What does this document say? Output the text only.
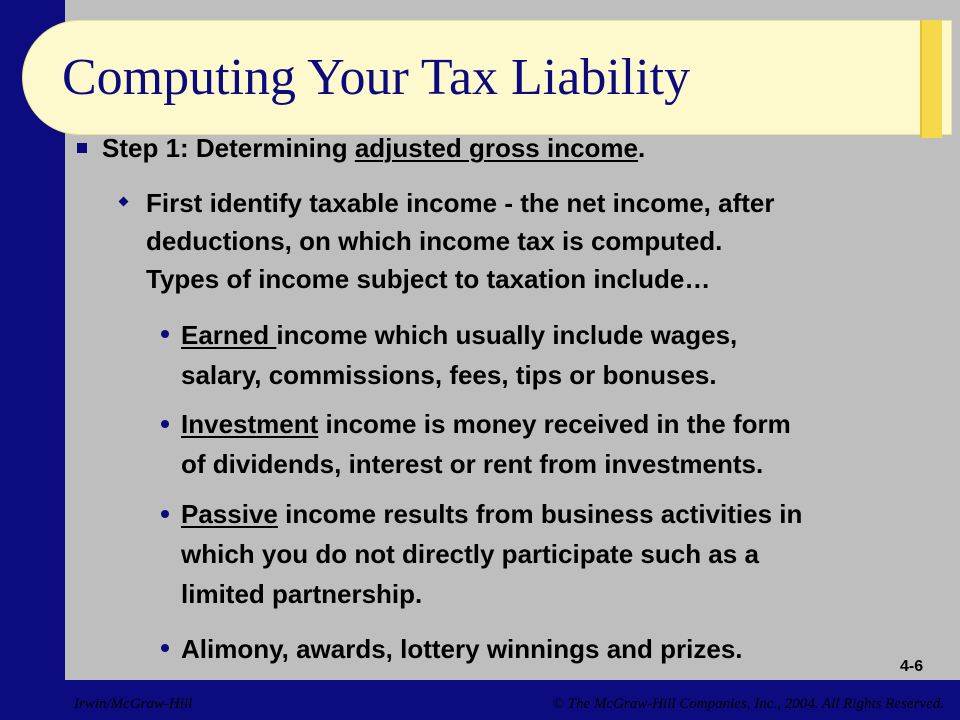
Computing Your Tax Liability
Step 1: Determining adjusted gross income.
First identify taxable income - the net income, after
deductions, on which income tax is computed.
Types of income subject to taxation include…
Earned income which usually include wages,
salary, commissions, fees, tips or bonuses.
Investment income is money received in the form
of dividends, interest or rent from investments.
Passive income results from business activities in
which you do not directly participate such as a
limited partnership.
Alimony, awards, lottery winnings and prizes.
4-6
Irwin/McGraw-Hill	© The McGraw-Hill Companies, Inc., 2004. All Rights Reserved.
